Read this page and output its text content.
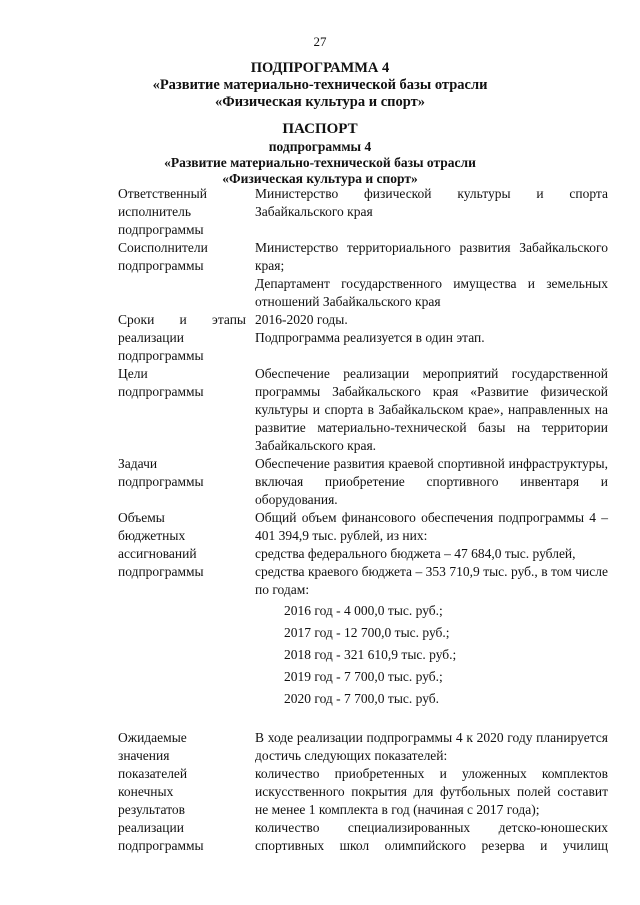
27
ПОДПРОГРАММА 4
«Развитие материально-технической базы отрасли
«Физическая культура и спорт»
ПАСПОРТ
подпрограммы 4
«Развитие материально-технической базы отрасли
«Физическая культура и спорт»
Ответственный
исполнитель
подпрограммы
Министерство физической культуры и спорта Забайкальского края
Соисполнители
подпрограммы
Министерство территориального развития Забайкальского края;
Департамент государственного имущества и земельных отношений Забайкальского края
Сроки и этапы
реализации
подпрограммы
2016-2020 годы.
Подпрограмма реализуется в один этап.
Цели
подпрограммы
Обеспечение реализации мероприятий государственной программы Забайкальского края «Развитие физической культуры и спорта в Забайкальском крае», направленных на развитие материально-технической базы на территории Забайкальского края.
Задачи
подпрограммы
Обеспечение развития краевой спортивной инфраструктуры, включая приобретение спортивного инвентаря и оборудования.
Объемы
бюджетных
ассигнований
подпрограммы
Общий объем финансового обеспечения подпрограммы 4 – 401 394,9 тыс. рублей, из них:
средства федерального бюджета – 47 684,0 тыс. рублей,
средства краевого бюджета – 353 710,9 тыс. руб., в том числе по годам:
2016 год - 4 000,0 тыс. руб.;
2017 год - 12 700,0 тыс. руб.;
2018 год - 321 610,9 тыс. руб.;
2019 год - 7 700,0 тыс. руб.;
2020 год - 7 700,0 тыс. руб.
Ожидаемые
значения
показателей
конечных
результатов
реализации
подпрограммы
В ходе реализации подпрограммы 4 к 2020 году планируется достичь следующих показателей:
количество приобретенных и уложенных комплектов искусственного покрытия для футбольных полей составит не менее 1 комплекта в год (начиная с 2017 года);
количество специализированных детско-юношеских спортивных школ олимпийского резерва и училищ
